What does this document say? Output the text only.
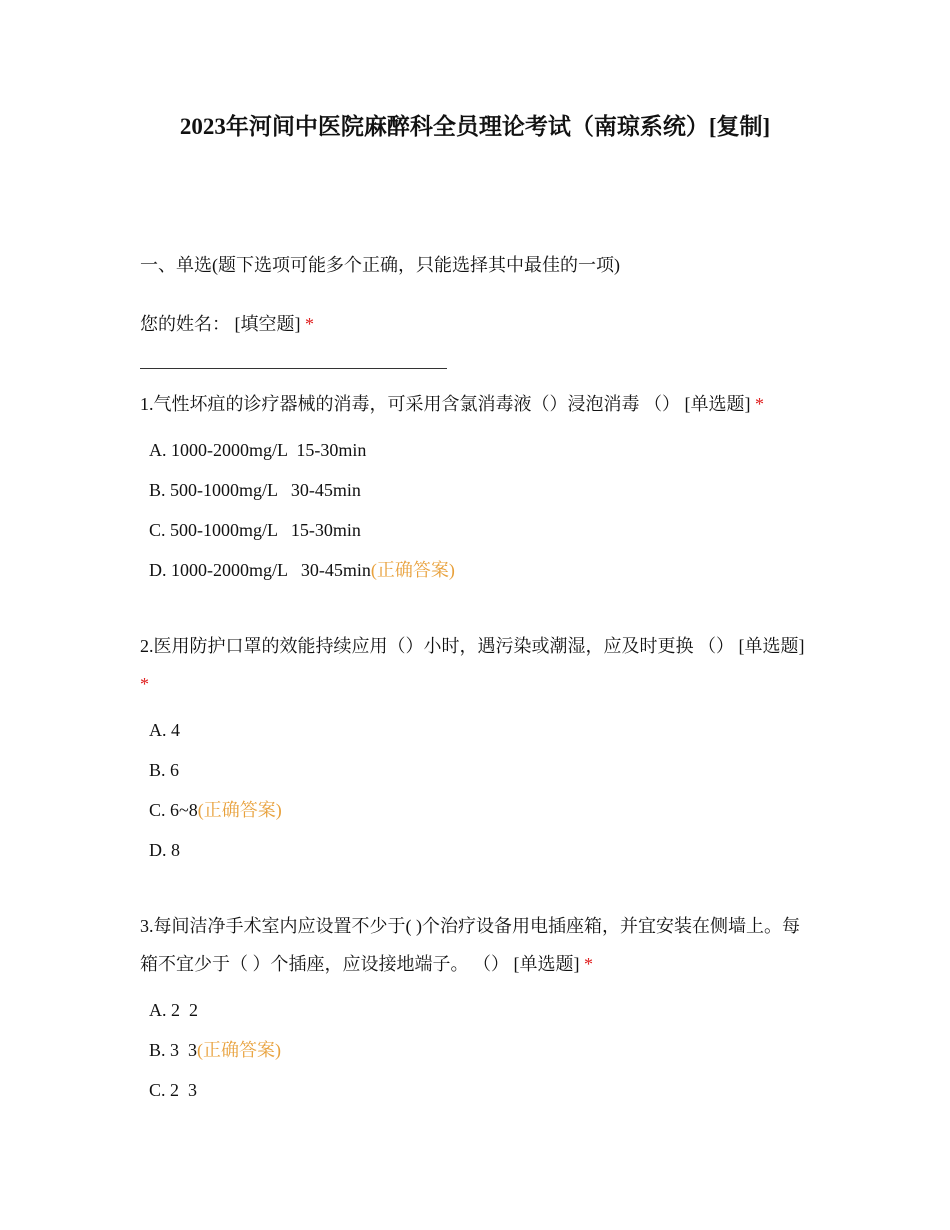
2023年河间中医院麻醉科全员理论考试（南琼系统）[复制]
一、单选(题下选项可能多个正确，只能选择其中最佳的一项)
您的姓名： [填空题] *
1.气性坏疽的诊疗器械的消毒，可采用含氯消毒液（）浸泡消毒 （） [单选题] *
A. 1000-2000mg/L  15-30min
B. 500-1000mg/L   30-45min
C. 500-1000mg/L   15-30min
D. 1000-2000mg/L   30-45min(正确答案)
2.医用防护口罩的效能持续应用（）小时，遇污染或潮湿，应及时更换 （） [单选题] *
A. 4
B. 6
C. 6~8(正确答案)
D. 8
3.每间洁净手术室内应设置不少于( )个治疗设备用电插座箱，并宜安装在侧墙上。每箱不宜少于（ ）个插座，应设接地端子。 （） [单选题] *
A. 2  2
B. 3  3(正确答案)
C. 2  3
